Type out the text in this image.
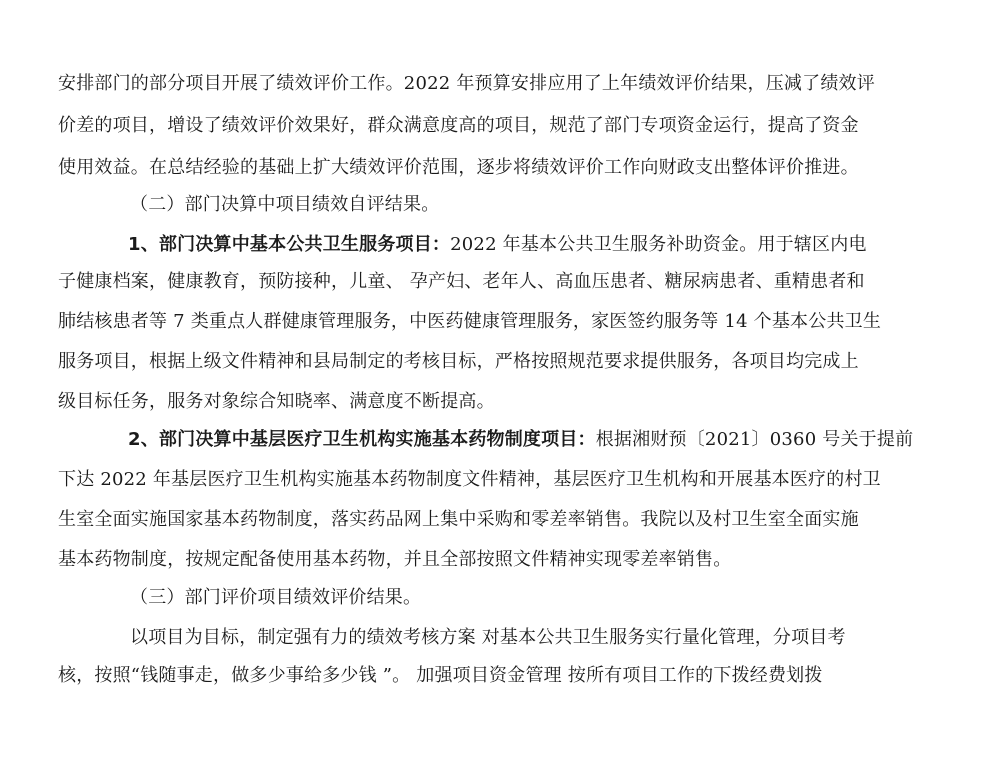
安排部门的部分项目开展了绩效评价工作。2022 年预算安排应用了上年绩效评价结果，压减了绩效评
价差的项目，增设了绩效评价效果好，群众满意度高的项目，规范了部门专项资金运行，提高了资金
使用效益。在总结经验的基础上扩大绩效评价范围，逐步将绩效评价工作向财政支出整体评价推进。
（二）部门决算中项目绩效自评结果。
1、部门决算中基本公共卫生服务项目：2022 年基本公共卫生服务补助资金。用于辖区内电
子健康档案，健康教育，预防接种，儿童、 孕产妇、老年人、高血压患者、糖尿病患者、重精患者和
肺结核患者等 7 类重点人群健康管理服务，中医药健康管理服务，家医签约服务等 14 个基本公共卫生
服务项目，根据上级文件精神和县局制定的考核目标，严格按照规范要求提供服务，各项目均完成上
级目标任务，服务对象综合知晓率、满意度不断提高。
2、部门决算中基层医疗卫生机构实施基本药物制度项目：根据湘财预〔2021〕0360 号关于提前
下达 2022 年基层医疗卫生机构实施基本药物制度文件精神，基层医疗卫生机构和开展基本医疗的村卫
生室全面实施国家基本药物制度，落实药品网上集中采购和零差率销售。我院以及村卫生室全面实施
基本药物制度，按规定配备使用基本药物，并且全部按照文件精神实现零差率销售。
（三）部门评价项目绩效评价结果。
以项目为目标，制定强有力的绩效考核方案 对基本公共卫生服务实行量化管理，分项目考
核，按照“钱随事走，做多少事给多少钱 ”。 加强项目资金管理 按所有项目工作的下拨经费划拨
